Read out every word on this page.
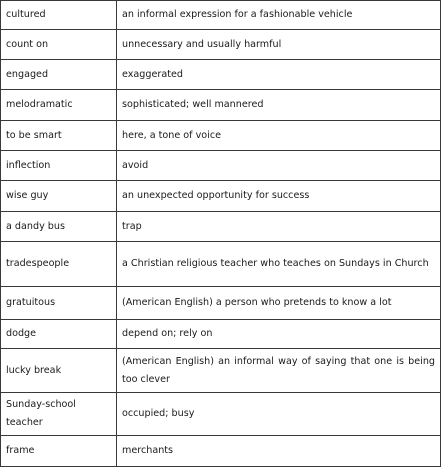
cultured	an informal expression for a fashionable vehicle
count on	unnecessary and usually harmful
engaged	exaggerated
melodramatic	sophisticated; well mannered
to be smart	here, a tone of voice
inflection	avoid
wise guy	an unexpected opportunity for success
a dandy bus	trap
tradespeople	a Christian religious teacher who teaches on Sundays in Church
gratuitous	(American English) a person who pretends to know a lot
dodge	depend on; rely on
lucky break	(American English) an informal way of saying that one is being too clever
Sunday-school teacher	occupied; busy
frame	merchants
